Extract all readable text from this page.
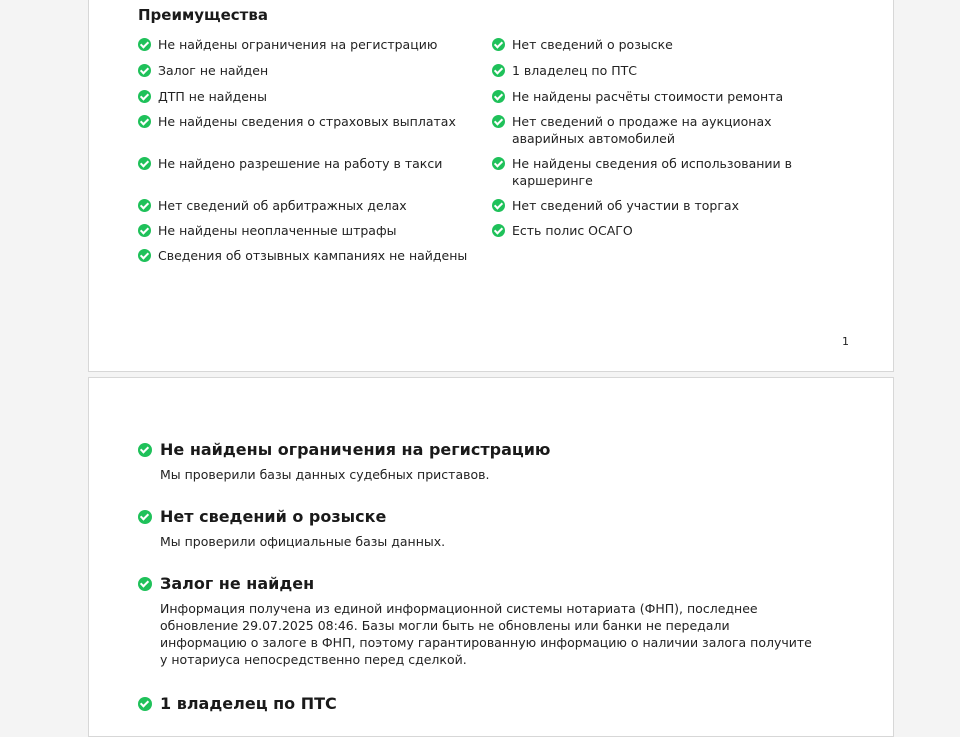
Преимущества
Не найдены ограничения на регистрацию
Залог не найден
ДТП не найдены
Не найдены сведения о страховых выплатах
Не найдено разрешение на работу в такси
Нет сведений об арбитражных делах
Не найдены неоплаченные штрафы
Сведения об отзывных кампаниях не найдены
Нет сведений о розыске
1 владелец по ПТС
Не найдены расчёты стоимости ремонта
Нет сведений о продаже на аукционах аварийных автомобилей
Не найдены сведения об использовании в каршеринге
Нет сведений об участии в торгах
Есть полис ОСАГО
1
Не найдены ограничения на регистрацию
Мы проверили базы данных судебных приставов.
Нет сведений о розыске
Мы проверили официальные базы данных.
Залог не найден
Информация получена из единой информационной системы нотариата (ФНП), последнее обновление 29.07.2025 08:46. Базы могли быть не обновлены или банки не передали информацию о залоге в ФНП, поэтому гарантированную информацию о наличии залога получите у нотариуса непосредственно перед сделкой.
1 владелец по ПТС
